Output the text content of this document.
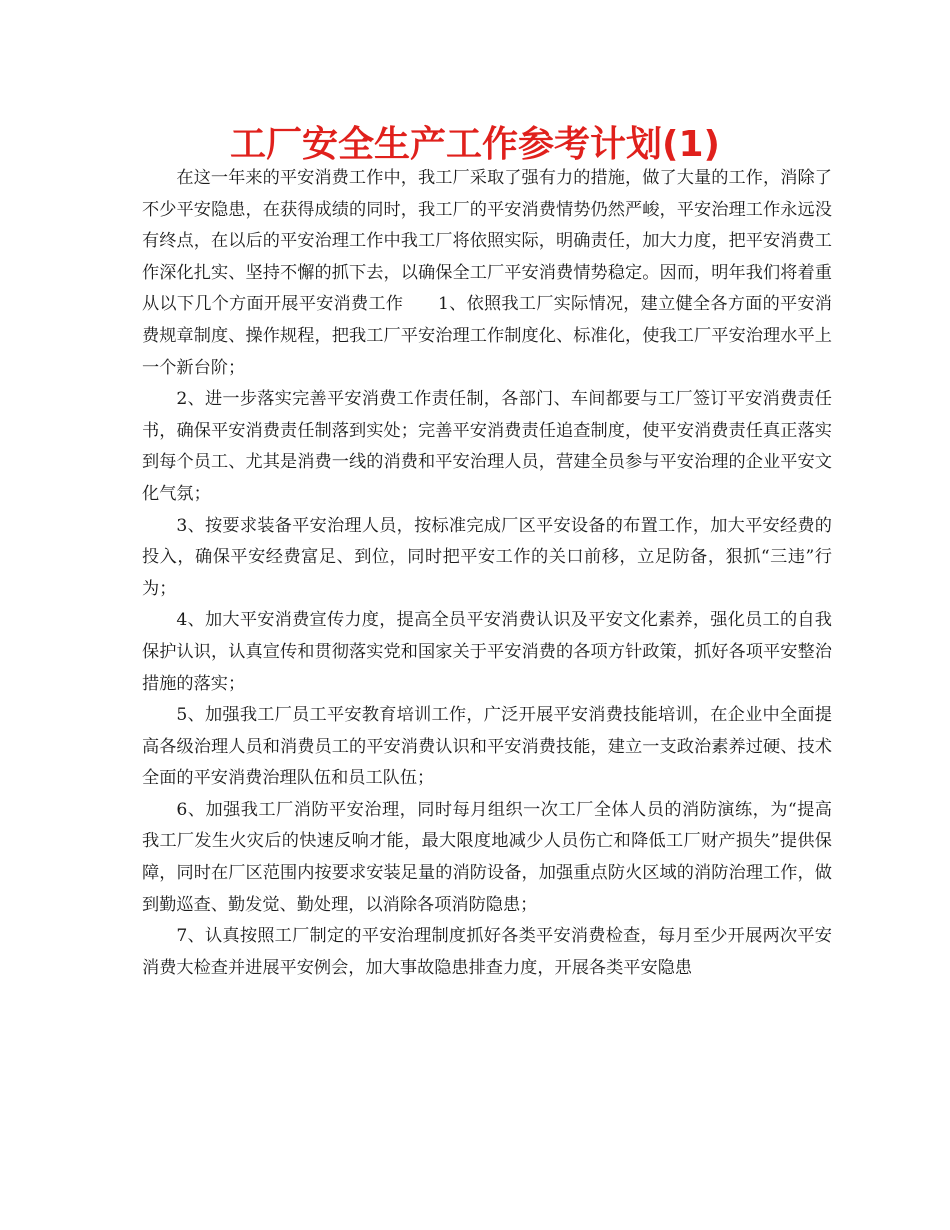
工厂安全生产工作参考计划(1)

在这一年来的平安消费工作中，我工厂采取了强有力的措施，做了大量的工作，消除了不少平安隐患，在获得成绩的同时，我工厂的平安消费情势仍然严峻，平安治理工作永远没有终点，在以后的平安治理工作中我工厂将依照实际，明确责任，加大力度，把平安消费工作深化扎实、坚持不懈的抓下去，以确保全工厂平安消费情势稳定。因而，明年我们将着重从以下几个方面开展平安消费工作　　1、依照我工厂实际情况，建立健全各方面的平安消费规章制度、操作规程，把我工厂平安治理工作制度化、标准化，使我工厂平安治理水平上一个新台阶；

2、进一步落实完善平安消费工作责任制，各部门、车间都要与工厂签订平安消费责任书，确保平安消费责任制落到实处；完善平安消费责任追查制度，使平安消费责任真正落实到每个员工、尤其是消费一线的消费和平安治理人员，营建全员参与平安治理的企业平安文化气氛；

3、按要求装备平安治理人员，按标准完成厂区平安设备的布置工作，加大平安经费的投入，确保平安经费富足、到位，同时把平安工作的关口前移，立足防备，狠抓“三违”行为；

4、加大平安消费宣传力度，提高全员平安消费认识及平安文化素养，强化员工的自我保护认识，认真宣传和贯彻落实党和国家关于平安消费的各项方针政策，抓好各项平安整治措施的落实；

5、加强我工厂员工平安教育培训工作，广泛开展平安消费技能培训，在企业中全面提高各级治理人员和消费员工的平安消费认识和平安消费技能，建立一支政治素养过硬、技术全面的平安消费治理队伍和员工队伍；

6、加强我工厂消防平安治理，同时每月组织一次工厂全体人员的消防演练，为“提高我工厂发生火灾后的快速反响才能，最大限度地减少人员伤亡和降低工厂财产损失”提供保障，同时在厂区范围内按要求安装足量的消防设备，加强重点防火区域的消防治理工作，做到勤巡查、勤发觉、勤处理，以消除各项消防隐患；

7、认真按照工厂制定的平安治理制度抓好各类平安消费检查，每月至少开展两次平安消费大检查并进展平安例会，加大事故隐患排查力度，开展各类平安隐患
